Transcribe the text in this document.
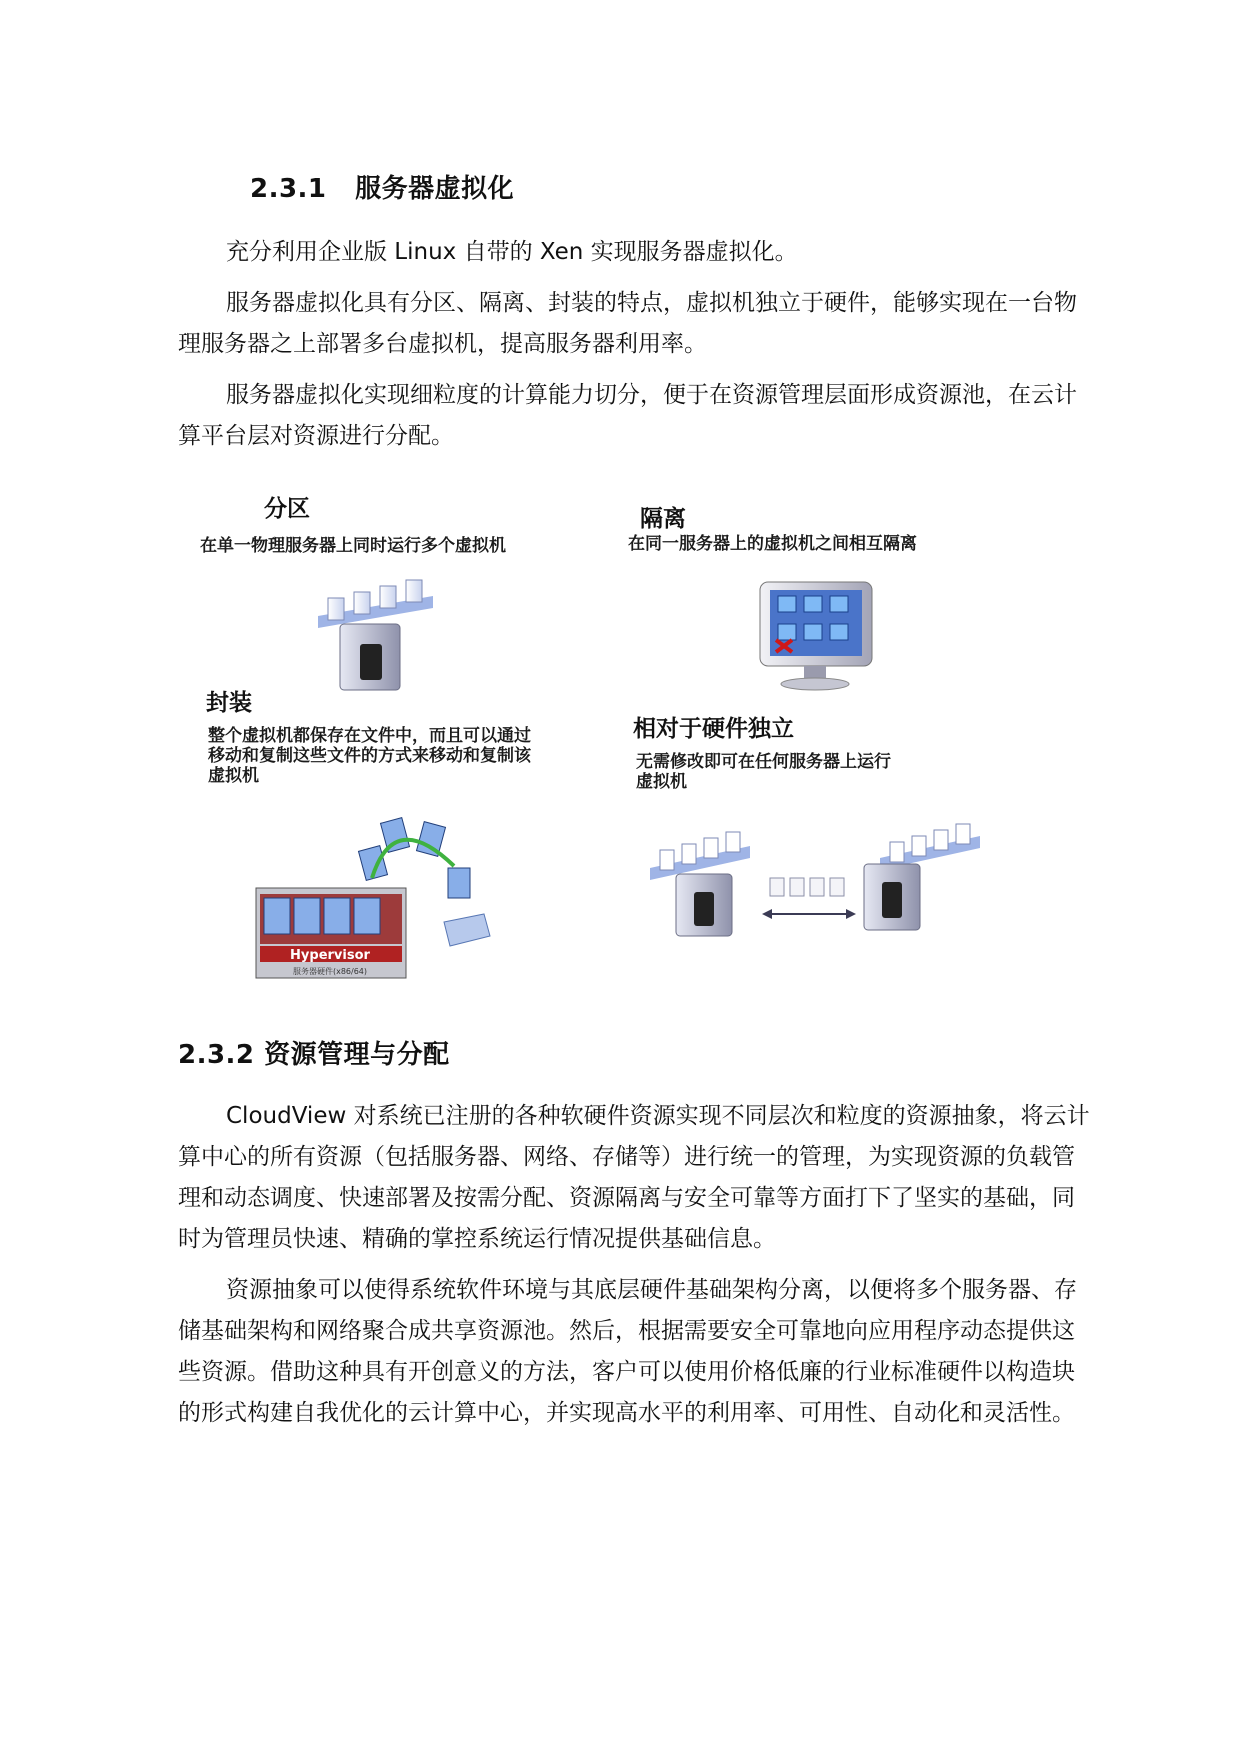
2.3.1   服务器虚拟化

充分利用企业版 Linux 自带的 Xen 实现服务器虚拟化。

服务器虚拟化具有分区、隔离、封装的特点，虚拟机独立于硬件，能够实现在一台物理服务器之上部署多台虚拟机，提高服务器利用率。

服务器虚拟化实现细粒度的计算能力切分，便于在资源管理层面形成资源池，在云计算平台层对资源进行分配。

分区
在单一物理服务器上同时运行多个虚拟机
隔离
在同一服务器上的虚拟机之间相互隔离
封装
整个虚拟机都保存在文件中，而且可以通过移动和复制这些文件的方式来移动和复制该虚拟机
Hypervisor
服务器硬件(x86/64)
相对于硬件独立
无需修改即可在任何服务器上运行虚拟机
2.3.2 资源管理与分配

CloudView 对系统已注册的各种软硬件资源实现不同层次和粒度的资源抽象，将云计算中心的所有资源（包括服务器、网络、存储等）进行统一的管理，为实现资源的负载管理和动态调度、快速部署及按需分配、资源隔离与安全可靠等方面打下了坚实的基础，同时为管理员快速、精确的掌控系统运行情况提供基础信息。

资源抽象可以使得系统软件环境与其底层硬件基础架构分离，以便将多个服务器、存储基础架构和网络聚合成共享资源池。然后，根据需要安全可靠地向应用程序动态提供这些资源。借助这种具有开创意义的方法，客户可以使用价格低廉的行业标准硬件以构造块的形式构建自我优化的云计算中心，并实现高水平的利用率、可用性、自动化和灵活性。
